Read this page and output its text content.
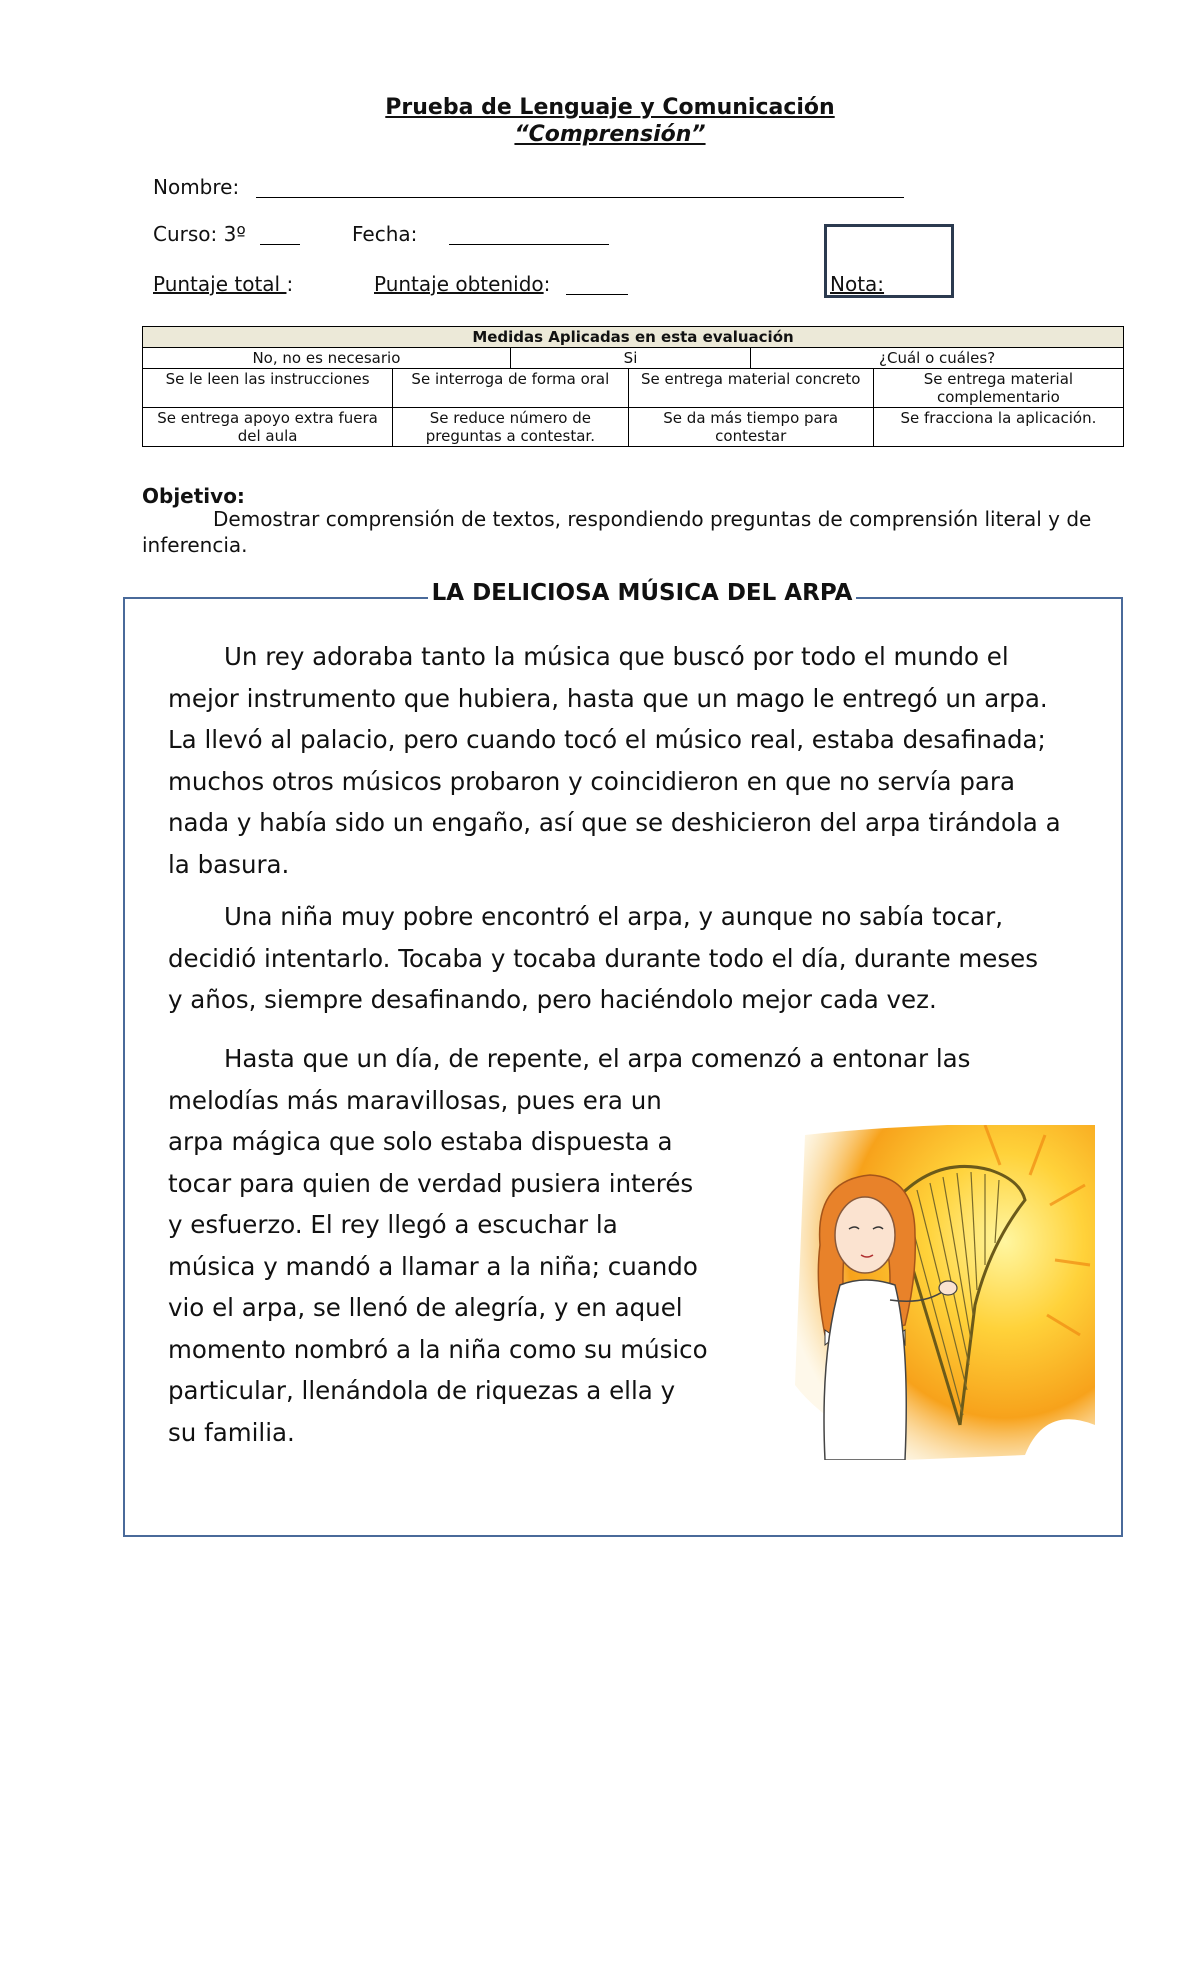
Prueba de Lenguaje y Comunicación
“Comprensión”
Nombre:
Curso: 3º	Fecha:
Puntaje total :	Puntaje obtenido:	Nota:
Medidas Aplicadas en esta evaluación					
No, no es necesario		Si		¿Cuál o cuáles?	
Se le leen las instrucciones	Se interroga de forma oral		Se entrega material concreto		Se entrega material complementario
Se entrega apoyo extra fuera del aula	Se reduce número de preguntas a contestar.		Se da más tiempo para contestar		Se fracciona la aplicación.
Objetivo:
Demostrar comprensión de textos, respondiendo preguntas de comprensión literal y de inferencia.
LA DELICIOSA MÚSICA DEL ARPA
Un rey adoraba tanto la música que buscó por todo el mundo el
mejor instrumento que hubiera, hasta que un mago le entregó un arpa.
La llevó al palacio, pero cuando tocó el músico real, estaba desafinada;
muchos otros músicos probaron y coincidieron en que no servía para
nada y había sido un engaño, así que se deshicieron del arpa tirándola a
la basura.
Una niña muy pobre encontró el arpa, y aunque no sabía tocar,
decidió intentarlo. Tocaba y tocaba durante todo el día, durante meses
y años, siempre desafinando, pero haciéndolo mejor cada vez.
Hasta que un día, de repente, el arpa comenzó a entonar las
melodías más maravillosas, pues era un
arpa mágica que solo estaba dispuesta a
tocar para quien de verdad pusiera interés
y esfuerzo. El rey llegó a escuchar la
música y mandó a llamar a la niña; cuando
vio el arpa, se llenó de alegría, y en aquel
momento nombró a la niña como su músico
particular, llenándola de riquezas a ella y
su familia.
